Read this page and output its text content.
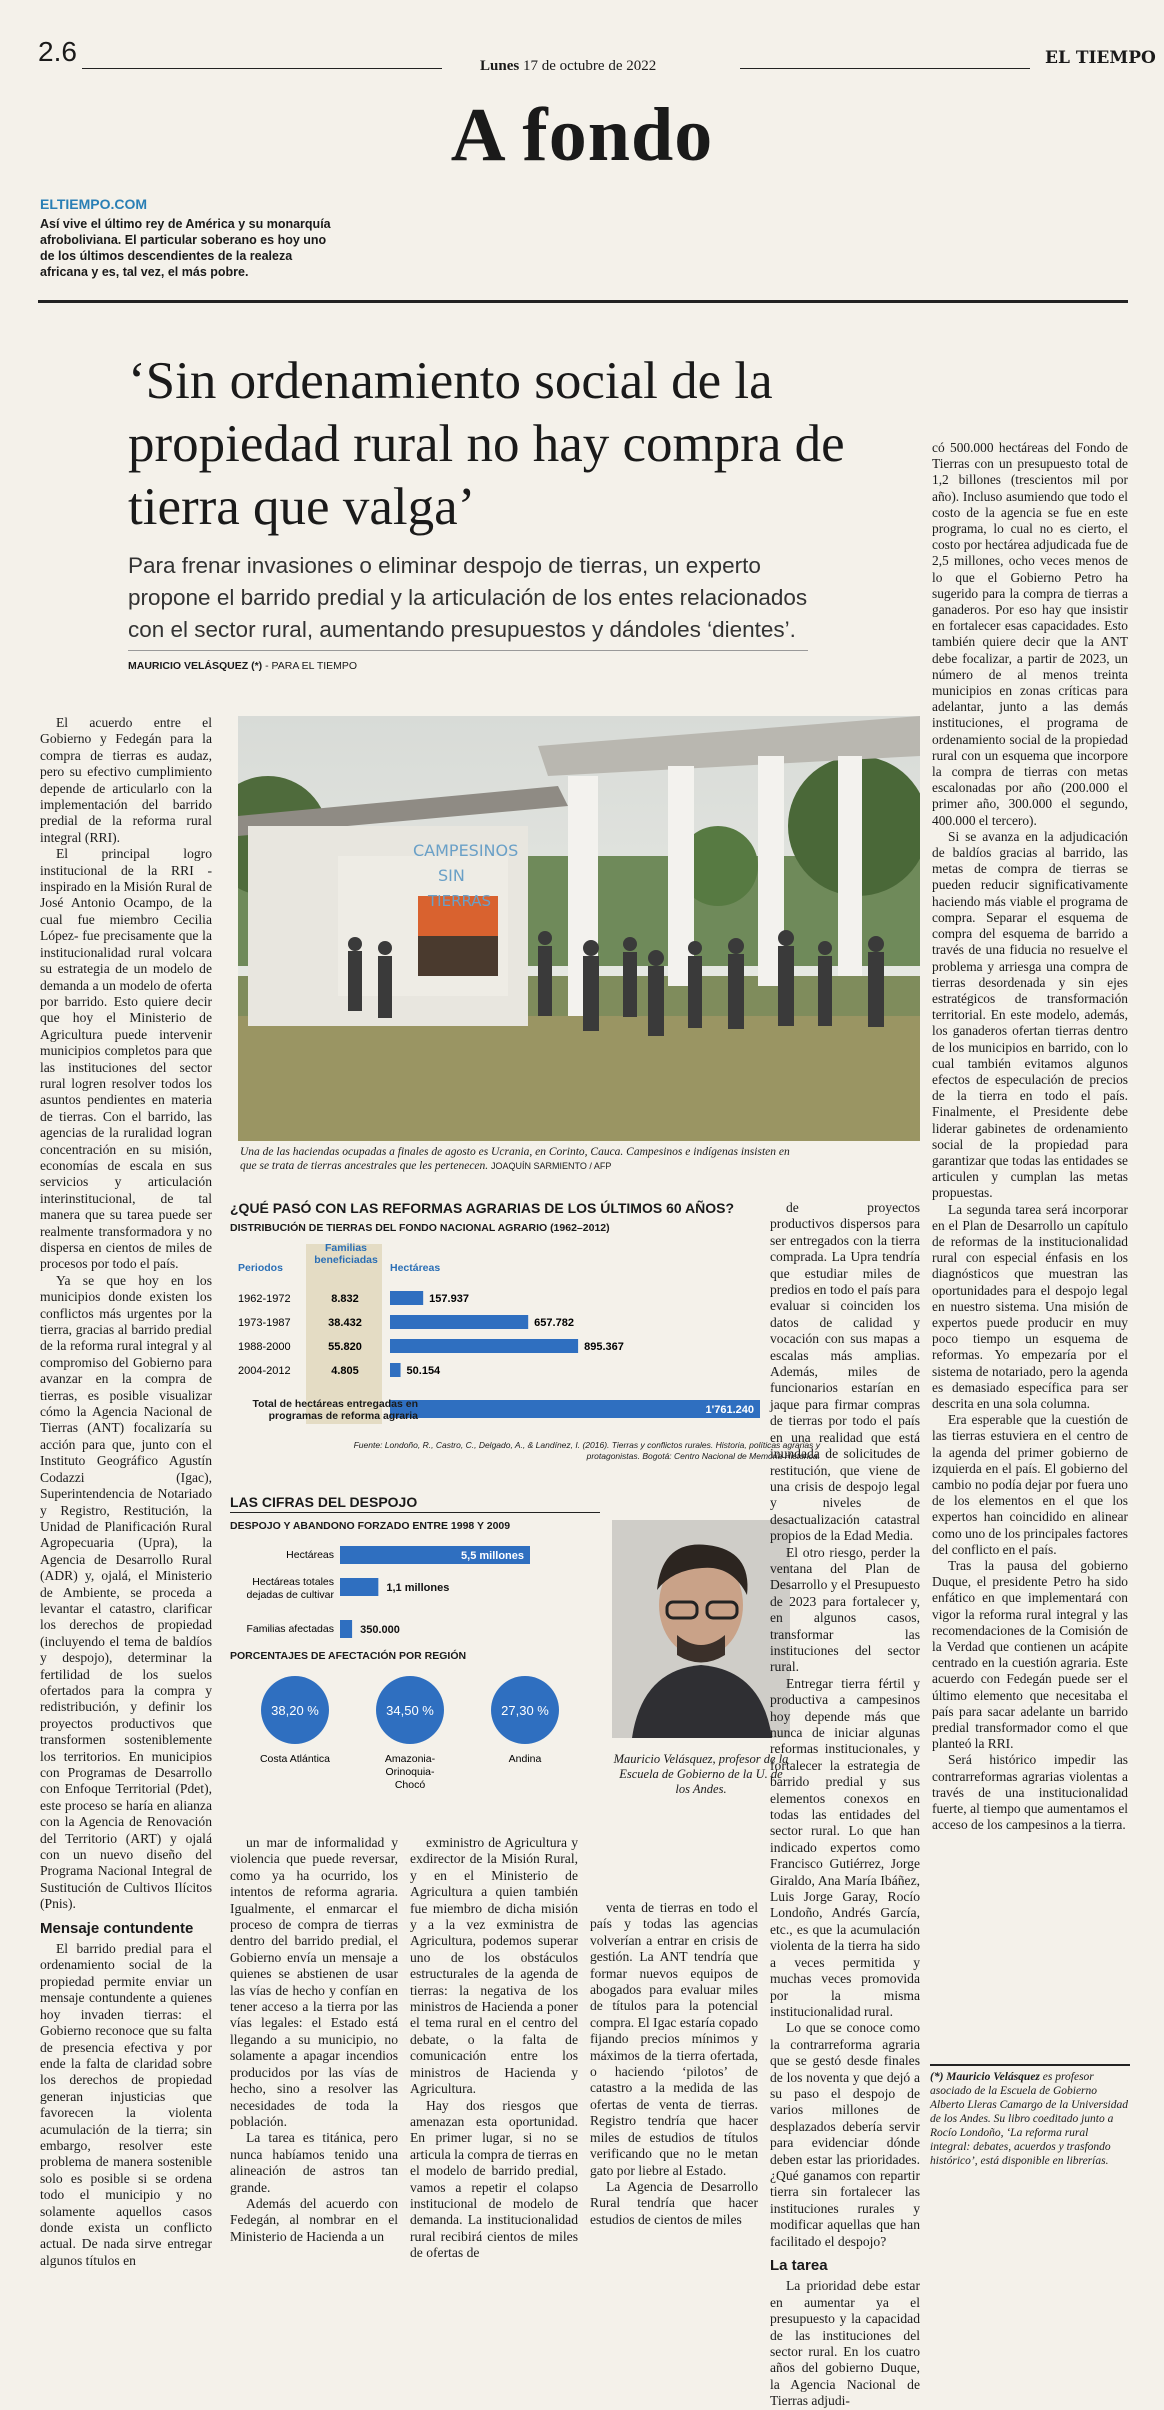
2.6	Lunes 17 de octubre de 2022	EL TIEMPO
A fondo
ELTIEMPO.COM
Así vive el último rey de América y su monarquía afroboliviana. El particular soberano es hoy uno de los últimos descendientes de la realeza africana y es, tal vez, el más pobre.
‘Sin ordenamiento social de la propiedad rural no hay compra de tierra que valga’
Para frenar invasiones o eliminar despojo de tierras, un experto propone el barrido predial y la articulación de los entes relacionados con el sector rural, aumentando presupuestos y dándoles ‘dientes’.
MAURICIO VELÁSQUEZ (*) - PARA EL TIEMPO

El acuerdo entre el Gobierno y Fedegán para la compra de tierras es audaz, pero su efectivo cumplimiento depende de articularlo con la implementación del barrido predial de la reforma rural integral (RRI).

El principal logro institucional de la RRI -inspirado en la Misión Rural de José Antonio Ocampo, de la cual fue miembro Cecilia López- fue precisamente que la institucionalidad rural volcara su estrategia de un modelo de demanda a un modelo de oferta por barrido. Esto quiere decir que hoy el Ministerio de Agricultura puede intervenir municipios completos para que las instituciones del sector rural logren resolver todos los asuntos pendientes en materia de tierras. Con el barrido, las agencias de la ruralidad logran concentración en su misión, economías de escala en sus servicios y articulación interinstitucional, de tal manera que su tarea puede ser realmente transformadora y no dispersa en cientos de miles de procesos por todo el país.

Ya se que hoy en los municipios donde existen los conflictos más urgentes por la tierra, gracias al barrido predial de la reforma rural integral y al compromiso del Gobierno para avanzar en la compra de tierras, es posible visualizar cómo la Agencia Nacional de Tierras (ANT) focalizaría su acción para que, junto con el Instituto Geográfico Agustín Codazzi (Igac), Superintendencia de Notariado y Registro, Restitución, la Unidad de Planificación Rural Agropecuaria (Upra), la Agencia de Desarrollo Rural (ADR) y, ojalá, el Ministerio de Ambiente, se proceda a levantar el catastro, clarificar los derechos de propiedad (incluyendo el tema de baldíos y despojo), determinar la fertilidad de los suelos ofertados para la compra y redistribución, y definir los proyectos productivos que transformen sosteniblemente los territorios. En municipios con Programas de Desarrollo con Enfoque Territorial (Pdet), este proceso se haría en alianza con la Agencia de Renovación del Territorio (ART) y ojalá con un nuevo diseño del Programa Nacional Integral de Sustitución de Cultivos Ilícitos (Pnis).

Mensaje contundente

El barrido predial para el ordenamiento social de la propiedad permite enviar un mensaje contundente a quienes hoy invaden tierras: el Gobierno reconoce que su falta de presencia efectiva y por ende la falta de claridad sobre los derechos de propiedad generan injusticias que favorecen la violenta acumulación de la tierra; sin embargo, resolver este problema de manera sostenible solo es posible si se ordena todo el municipio y no solamente aquellos casos donde exista un conflicto actual. De nada sirve entregar algunos títulos en

CAMPESINOS
SIN
TIERRAS
Una de las haciendas ocupadas a finales de agosto es Ucrania, en Corinto, Cauca. Campesinos e indígenas insisten en que se trata de tierras ancestrales que les pertenecen. JOAQUÍN SARMIENTO / AFP
¿QUÉ PASÓ CON LAS REFORMAS AGRARIAS DE LOS ÚLTIMOS 60 AÑOS?
DISTRIBUCIÓN DE TIERRAS DEL FONDO NACIONAL AGRARIO (1962–2012)
Periodos
Familias beneficiadas
Hectáreas
1962-1972	8.832	157.937
1973-1987	38.432	657.782
1988-2000	55.820	895.367
2004-2012	4.805	50.154
1'761.240
Total de hectáreas entregadas en programas de reforma agraria
Fuente: Londoño, R., Castro, C., Delgado, A., & Landínez, I. (2016). Tierras y conflictos rurales. Historia, políticas agrarias y protagonistas. Bogotá: Centro Nacional de Memoria Histórica.
LAS CIFRAS DEL DESPOJO
DESPOJO Y ABANDONO FORZADO ENTRE 1998 Y 2009
Hectáreas	5,5 millones
Hectáreas totales dejadas de cultivar
1,1 millones
Familias afectadas 350.000
PORCENTAJES DE AFECTACIÓN POR REGIÓN
38,20 %
Costa Atlántica
34,50 %
Amazonia-Orinoquia-Chocó
27,30 %
Andina	Mauricio Velásquez, profesor de la Escuela de Gobierno de la U. de los Andes.

un mar de informalidad y violencia que puede reversar, como ya ha ocurrido, los intentos de reforma agraria. Igualmente, el enmarcar el proceso de compra de tierras dentro del barrido predial, el Gobierno envía un mensaje a quienes se abstienen de usar las vías de hecho y confían en tener acceso a la tierra por las vías legales: el Estado está llegando a su municipio, no solamente a apagar incendios producidos por las vías de hecho, sino a resolver las necesidades de toda la población.

La tarea es titánica, pero nunca habíamos tenido una alineación de astros tan grande.

Además del acuerdo con Fedegán, al nombrar en el Ministerio de Hacienda a un

exministro de Agricultura y exdirector de la Misión Rural, y en el Ministerio de Agricultura a quien también fue miembro de dicha misión y a la vez exministra de Agricultura, podemos superar uno de los obstáculos estructurales de la agenda de tierras: la negativa de los ministros de Hacienda a poner el tema rural en el centro del debate, o la falta de comunicación entre los ministros de Hacienda y Agricultura.

Hay dos riesgos que amenazan esta oportunidad. En primer lugar, si no se articula la compra de tierras en el modelo de barrido predial, vamos a repetir el colapso institucional de modelo de demanda. La institucionalidad rural recibirá cientos de miles de ofertas de

de proyectos productivos dispersos para ser entregados con la tierra comprada. La Upra tendría que estudiar miles de predios en todo el país para evaluar si coinciden los datos de calidad y vocación con sus mapas a escalas más amplias. Además, miles de funcionarios estarían en jaque para firmar compras de tierras por todo el país en una realidad que está inundada de solicitudes de restitución, que viene de una crisis de despojo legal y niveles de desactualización catastral propios de la Edad Media.

El otro riesgo, perder la ventana del Plan de Desarrollo y el Presupuesto de 2023 para fortalecer y, en algunos casos, transformar las instituciones del sector rural.

Entregar tierra fértil y productiva a campesinos hoy depende más que nunca de iniciar algunas reformas institucionales, y fortalecer la estrategia de barrido predial y sus elementos conexos en todas las entidades del sector rural. Lo que han indicado expertos como Francisco Gutiérrez, Jorge Giraldo, Ana María Ibáñez, Luis Jorge Garay, Rocío Londoño, Andrés García, etc., es que la acumulación violenta de la tierra ha sido a veces permitida y muchas veces promovida por la misma institucionalidad rural.

Lo que se conoce como la contrarreforma agraria que se gestó desde finales de los noventa y que dejó a su paso el despojo de varios millones de desplazados debería servir para evidenciar dónde deben estar las prioridades. ¿Qué ganamos con repartir tierra sin fortalecer las instituciones rurales y modificar aquellas que han facilitado el despojo?

La tarea

La prioridad debe estar en aumentar ya el presupuesto y la capacidad de las instituciones del sector rural. En los cuatro años del gobierno Duque, la Agencia Nacional de Tierras adjudi-

venta de tierras en todo el país y todas las agencias volverían a entrar en crisis de gestión. La ANT tendría que formar nuevos equipos de abogados para evaluar miles de títulos para la potencial compra. El Igac estaría copado fijando precios mínimos y máximos de la tierra ofertada, o haciendo ‘pilotos’ de catastro a la medida de las ofertas de venta de tierras. Registro tendría que hacer miles de estudios de títulos verificando que no le metan gato por liebre al Estado.

La Agencia de Desarrollo Rural tendría que hacer estudios de cientos de miles

có 500.000 hectáreas del Fondo de Tierras con un presupuesto total de 1,2 billones (trescientos mil por año). Incluso asumiendo que todo el costo de la agencia se fue en este programa, lo cual no es cierto, el costo por hectárea adjudicada fue de 2,5 millones, ocho veces menos de lo que el Gobierno Petro ha sugerido para la compra de tierras a ganaderos. Por eso hay que insistir en fortalecer esas capacidades. Esto también quiere decir que la ANT debe focalizar, a partir de 2023, un número de al menos treinta municipios en zonas críticas para adelantar, junto a las demás instituciones, el programa de ordenamiento social de la propiedad rural con un esquema que incorpore la compra de tierras con metas escalonadas por año (200.000 el primer año, 300.000 el segundo, 400.000 el tercero).

Si se avanza en la adjudicación de baldíos gracias al barrido, las metas de compra de tierras se pueden reducir significativamente haciendo más viable el programa de compra. Separar el esquema de compra del esquema de barrido a través de una fiducia no resuelve el problema y arriesga una compra de tierras desordenada y sin ejes estratégicos de transformación territorial. En este modelo, además, los ganaderos ofertan tierras dentro de los municipios en barrido, con lo cual también evitamos algunos efectos de especulación de precios de la tierra en todo el país. Finalmente, el Presidente debe liderar gabinetes de ordenamiento social de la propiedad para garantizar que todas las entidades se articulen y cumplan las metas propuestas.

La segunda tarea será incorporar en el Plan de Desarrollo un capítulo de reformas de la institucionalidad rural con especial énfasis en los diagnósticos que muestran las oportunidades para el despojo legal en nuestro sistema. Una misión de expertos puede producir en muy poco tiempo un esquema de reformas. Yo empezaría por el sistema de notariado, pero la agenda es demasiado específica para ser descrita en una sola columna.

Era esperable que la cuestión de las tierras estuviera en el centro de la agenda del primer gobierno de izquierda en el país. El gobierno del cambio no podía dejar por fuera uno de los elementos en el que los expertos han coincidido en alinear como uno de los principales factores del conflicto en el país.

Tras la pausa del gobierno Duque, el presidente Petro ha sido enfático en que implementará con vigor la reforma rural integral y las recomendaciones de la Comisión de la Verdad que contienen un acápite centrado en la cuestión agraria. Este acuerdo con Fedegán puede ser el último elemento que necesitaba el país para sacar adelante un barrido predial transformador como el que planteó la RRI.

Será histórico impedir las contrarreformas agrarias violentas a través de una institucionalidad fuerte, al tiempo que aumentamos el acceso de los campesinos a la tierra.

(*) Mauricio Velásquez es profesor asociado de la Escuela de Gobierno Alberto Lleras Camargo de la Universidad de los Andes. Su libro coeditado junto a Rocío Londoño, ‘La reforma rural integral: debates, acuerdos y trasfondo histórico’, está disponible en librerías.
